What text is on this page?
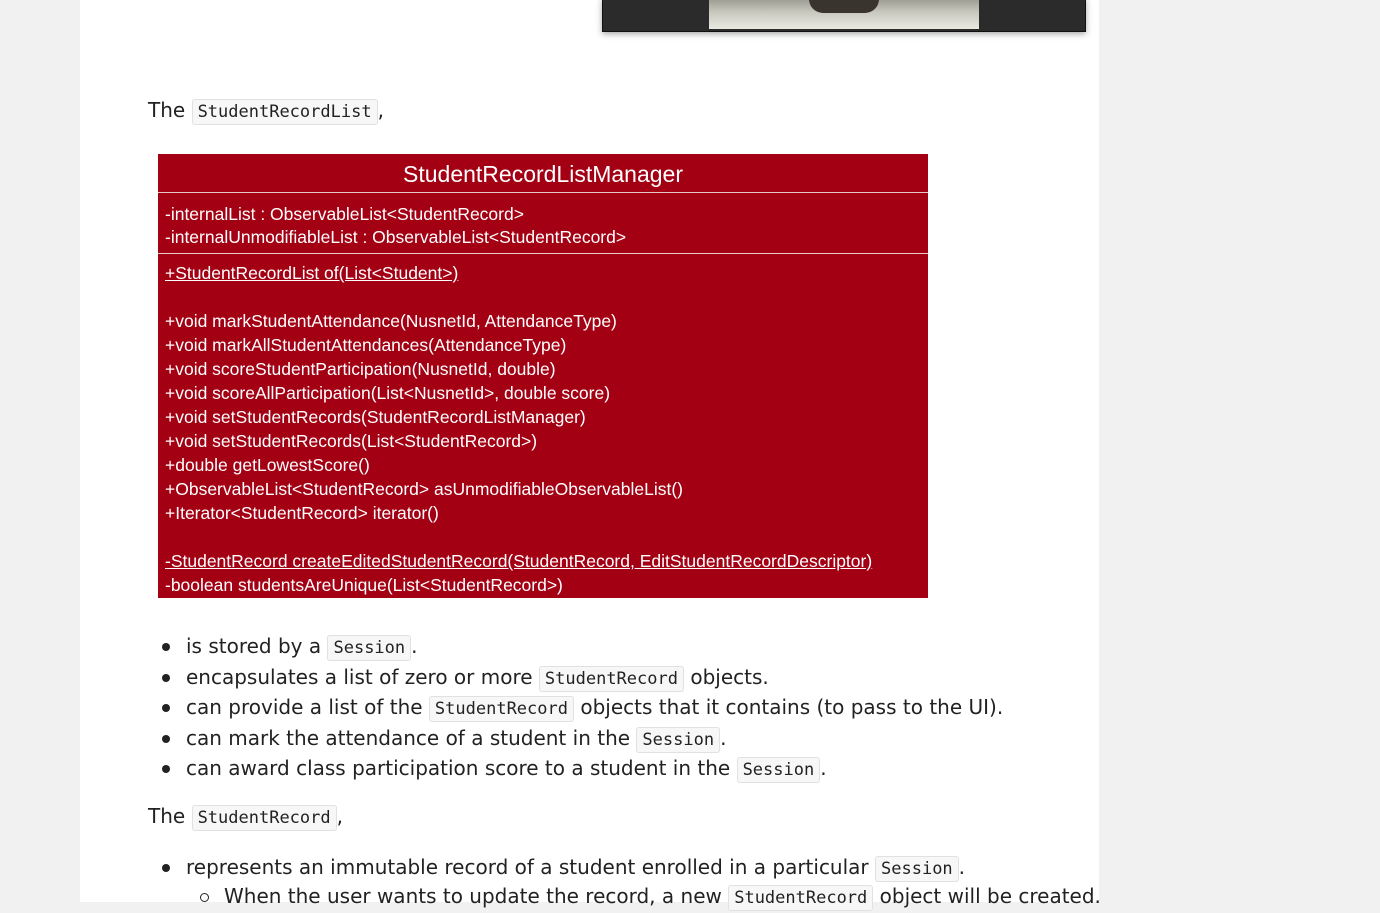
The StudentRecordList ,

StudentRecordListManager
-internalList : ObservableList<StudentRecord>
-internalUnmodifiableList : ObservableList<StudentRecord>
+StudentRecordList of(List<Student>)
+void markStudentAttendance(NusnetId, AttendanceType)
+void markAllStudentAttendances(AttendanceType)
+void scoreStudentParticipation(NusnetId, double)
+void scoreAllParticipation(List<NusnetId>, double score)
+void setStudentRecords(StudentRecordListManager)
+void setStudentRecords(List<StudentRecord>)
+double getLowestScore()
+ObservableList<StudentRecord> asUnmodifiableObservableList()
+Iterator<StudentRecord> iterator()
-StudentRecord createEditedStudentRecord(StudentRecord, EditStudentRecordDescriptor)
-boolean studentsAreUnique(List<StudentRecord>)
is stored by a Session .
encapsulates a list of zero or more StudentRecord objects.
can provide a list of the StudentRecord objects that it contains (to pass to the UI).
can mark the attendance of a student in the Session .
can award class participation score to a student in the Session .

The StudentRecord ,

represents an immutable record of a student enrolled in a particular Session .
When the user wants to update the record, a new StudentRecord object will be created.
